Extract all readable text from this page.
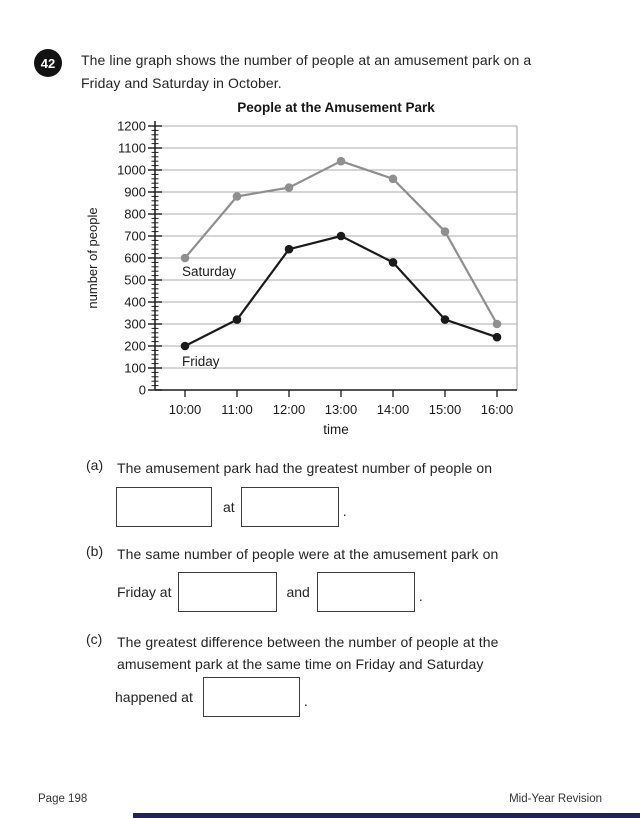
42 The line graph shows the number of people at an amusement park on a
Friday and Saturday in October.
People at the Amusement Park
0
100
200
300
400
500
600
700
800
900
1000
1100
1200
10:00 11:00 12:00 13:00 14:00 15:00 16:00
time
number of people	Saturday
Friday
(a) The amusement park had the greatest number of people on
at	.
(b) The same number of people were at the amusement park on
Friday at	and	.
(c) The greatest difference between the number of people at the
amusement park at the same time on Friday and Saturday
happened at	.
Page 198	Mid-Year Revision
